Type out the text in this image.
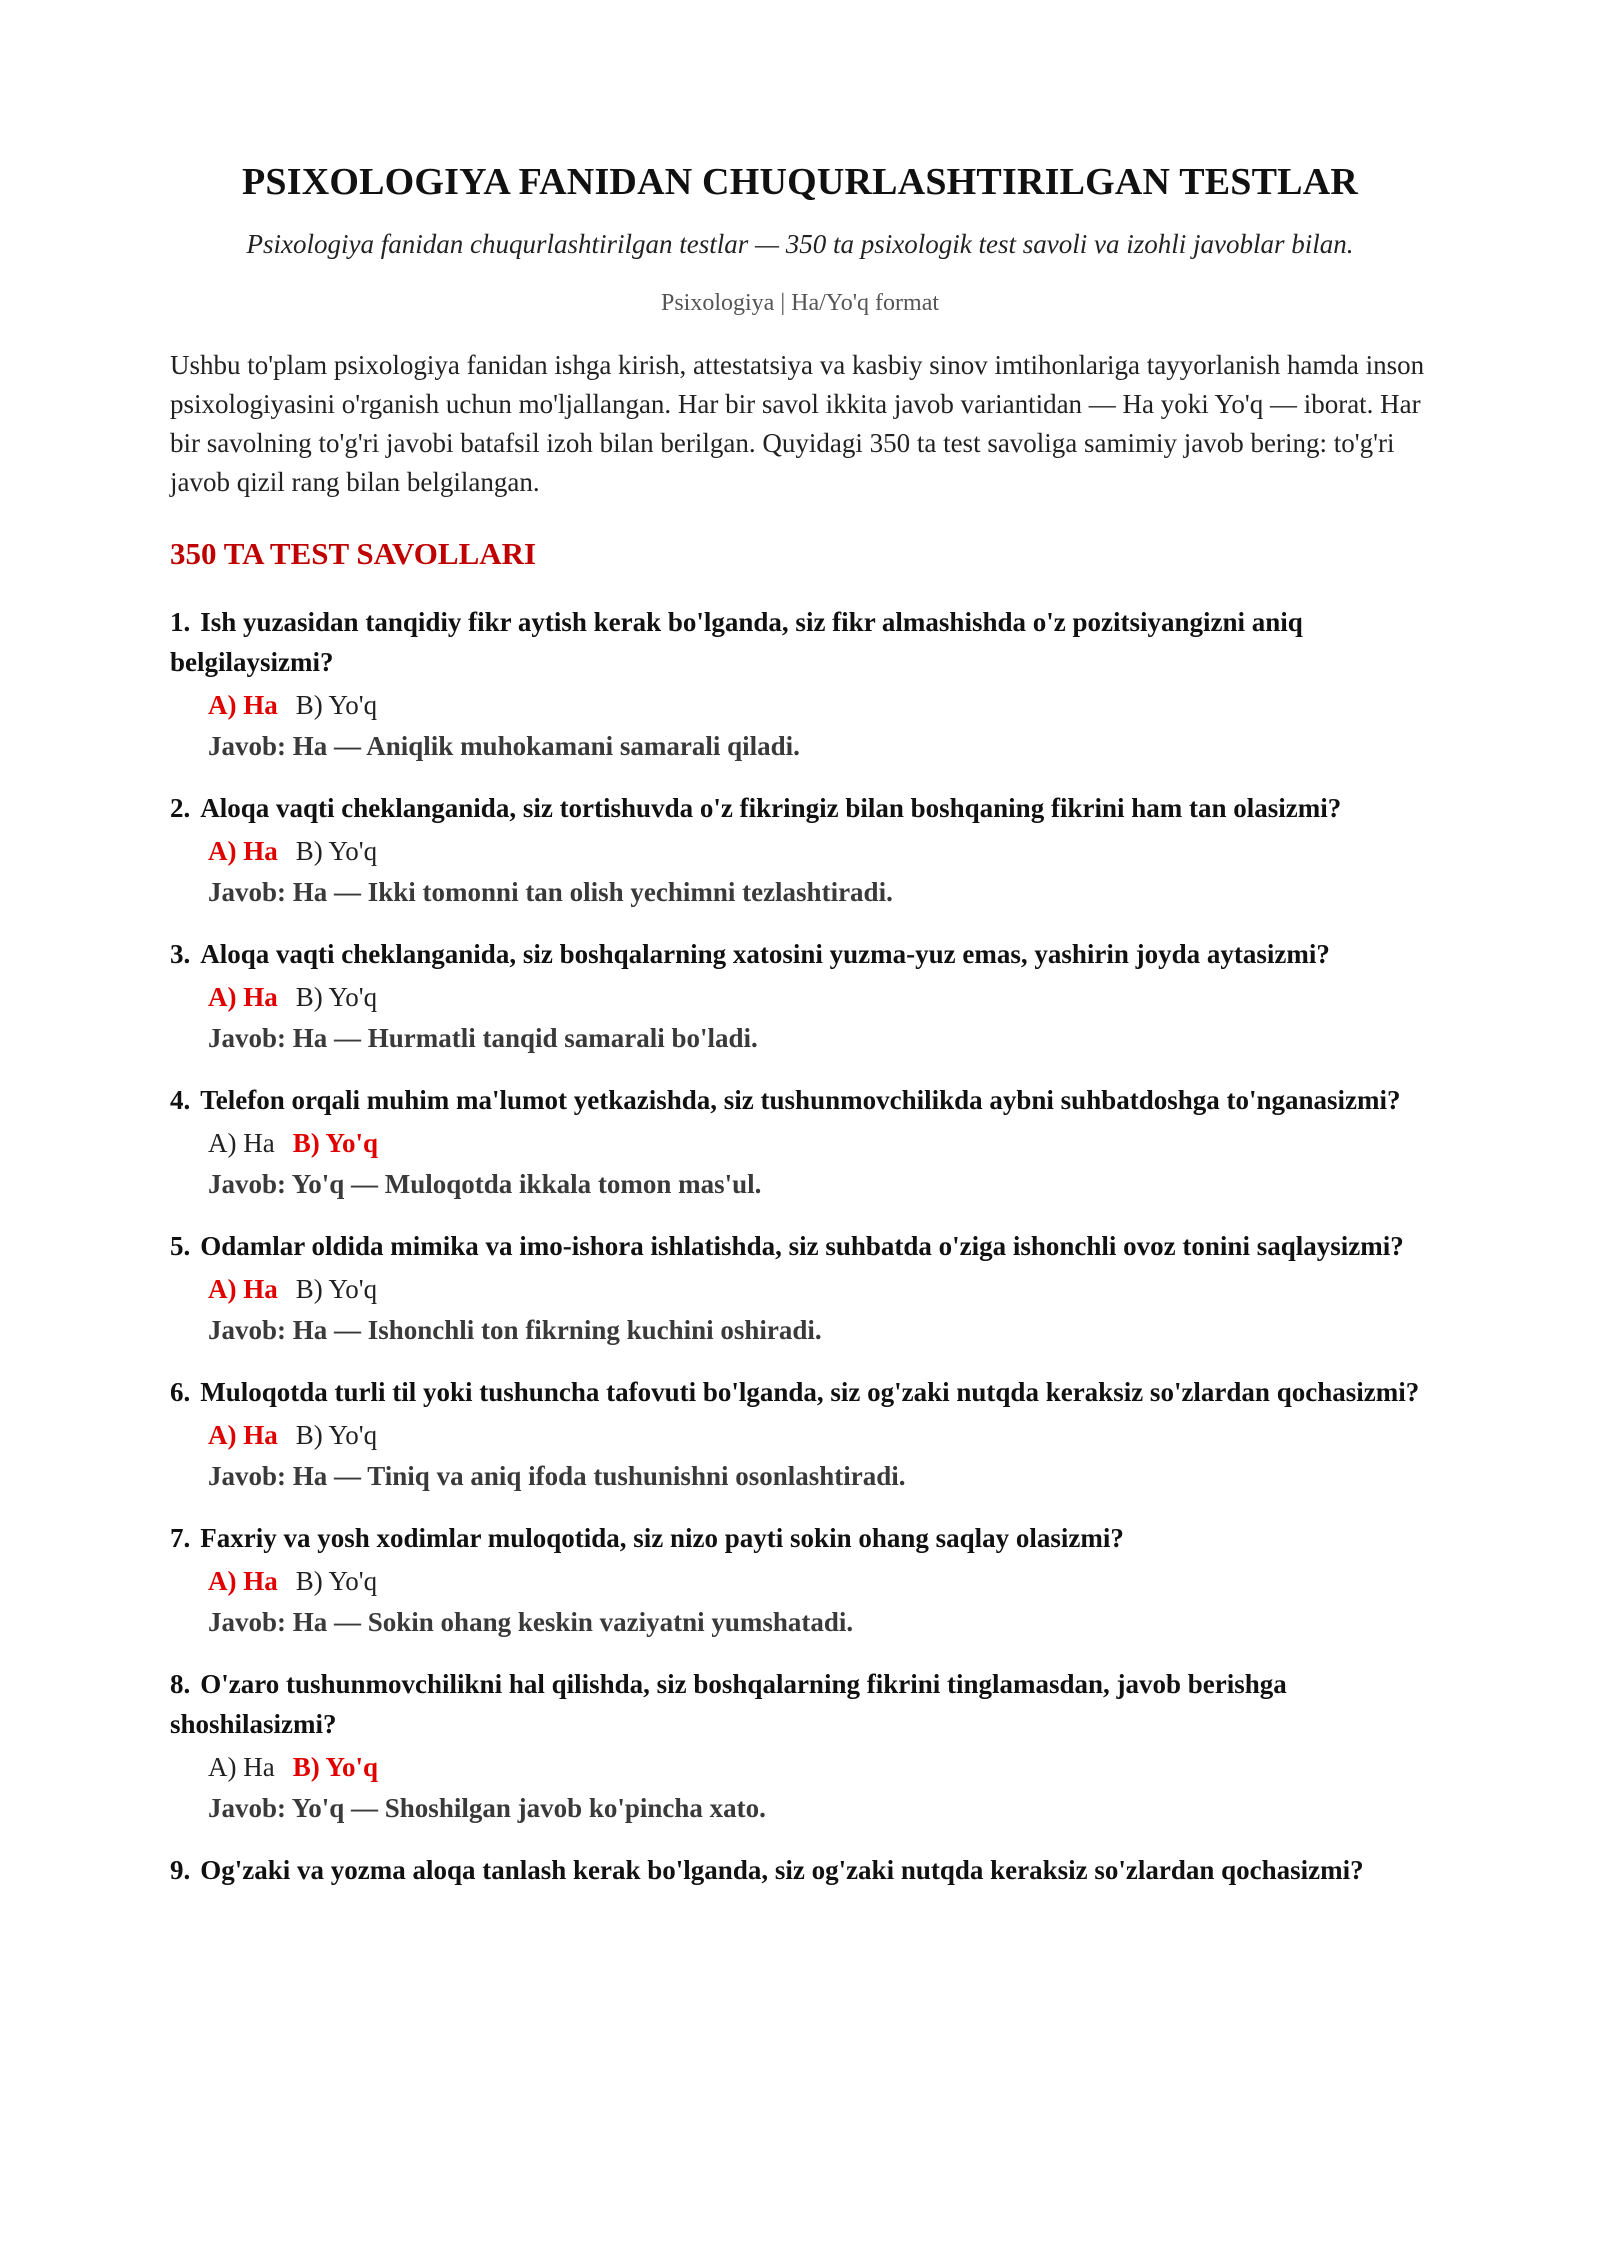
PSIXOLOGIYA FANIDAN CHUQURLASHTIRILGAN TESTLAR
Psixologiya fanidan chuqurlashtirilgan testlar — 350 ta psixologik test savoli va izohli javoblar bilan.
Psixologiya | Ha/Yo'q format

Ushbu to'plam psixologiya fanidan ishga kirish, attestatsiya va kasbiy sinov imtihonlariga tayyorlanish hamda inson psixologiyasini o'rganish uchun mo'ljallangan. Har bir savol ikkita javob variantidan — Ha yoki Yo'q — iborat. Har bir savolning to'g'ri javobi batafsil izoh bilan berilgan. Quyidagi 350 ta test savoliga samimiy javob bering: to'g'ri javob qizil rang bilan belgilangan.

350 TA TEST SAVOLLARI
1. Ish yuzasidan tanqidiy fikr aytish kerak bo'lganda, siz fikr almashishda o'z pozitsiyangizni aniq belgilaysizmi?
A) Ha B) Yo'q
Javob: Ha — Aniqlik muhokamani samarali qiladi.
2. Aloqa vaqti cheklanganida, siz tortishuvda o'z fikringiz bilan boshqaning fikrini ham tan olasizmi?
A) Ha B) Yo'q
Javob: Ha — Ikki tomonni tan olish yechimni tezlashtiradi.
3. Aloqa vaqti cheklanganida, siz boshqalarning xatosini yuzma-yuz emas, yashirin joyda aytasizmi?
A) Ha B) Yo'q
Javob: Ha — Hurmatli tanqid samarali bo'ladi.
4. Telefon orqali muhim ma'lumot yetkazishda, siz tushunmovchilikda aybni suhbatdoshga to'nganasizmi?
A) Ha B) Yo'q
Javob: Yo'q — Muloqotda ikkala tomon mas'ul.
5. Odamlar oldida mimika va imo-ishora ishlatishda, siz suhbatda o'ziga ishonchli ovoz tonini saqlaysizmi?
A) Ha B) Yo'q
Javob: Ha — Ishonchli ton fikrning kuchini oshiradi.
6. Muloqotda turli til yoki tushuncha tafovuti bo'lganda, siz og'zaki nutqda keraksiz so'zlardan qochasizmi?
A) Ha B) Yo'q
Javob: Ha — Tiniq va aniq ifoda tushunishni osonlashtiradi.
7. Faxriy va yosh xodimlar muloqotida, siz nizo payti sokin ohang saqlay olasizmi?
A) Ha B) Yo'q
Javob: Ha — Sokin ohang keskin vaziyatni yumshatadi.
8. O'zaro tushunmovchilikni hal qilishda, siz boshqalarning fikrini tinglamasdan, javob berishga shoshilasizmi?
A) Ha B) Yo'q
Javob: Yo'q — Shoshilgan javob ko'pincha xato.
9. Og'zaki va yozma aloqa tanlash kerak bo'lganda, siz og'zaki nutqda keraksiz so'zlardan qochasizmi?
